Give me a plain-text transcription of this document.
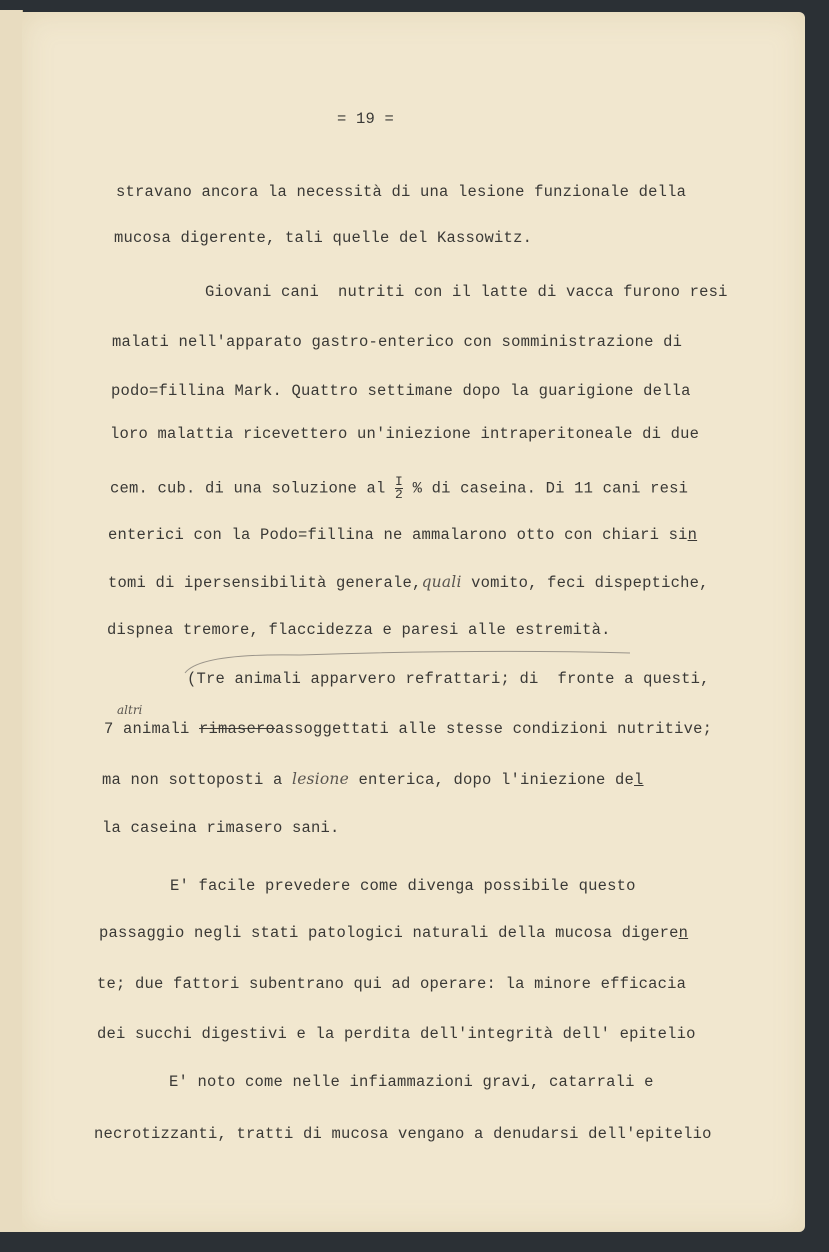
= 19 =
stravano ancora la necessità di una lesione funzionale della
mucosa digerente, tali quelle del Kassowitz.
Giovani cani  nutriti con il latte di vacca furono resi
malati nell'apparato gastro-enterico con somministrazione di
podo=fillina Mark. Quattro settimane dopo la guarigione della
loro malattia ricevettero un'iniezione intraperitoneale di due
cem. cub. di una soluzione al $\frac{I}{2}$ % di caseina. Di 11 cani resi
enterici con la Podo=fillina ne ammalarono otto con chiari sin
tomi di ipersensibilità generale,quali vomito, feci dispeptiche,
dispnea tremore, flaccidezza e paresi alle estremità.
(Tre animali apparvero refrattari; di  fronte a questi,
altri
7 animali rimaseroassoggettati alle stesse condizioni nutritive;
ma non sottoposti a lesione enterica, dopo l'iniezione del
la caseina rimasero sani.
E' facile prevedere come divenga possibile questo
passaggio negli stati patologici naturali della mucosa digeren
te; due fattori subentrano qui ad operare: la minore efficacia
dei succhi digestivi e la perdita dell'integrità dell' epitelio
E' noto come nelle infiammazioni gravi, catarrali e
necrotizzanti, tratti di mucosa vengano a denudarsi dell'epitelio
